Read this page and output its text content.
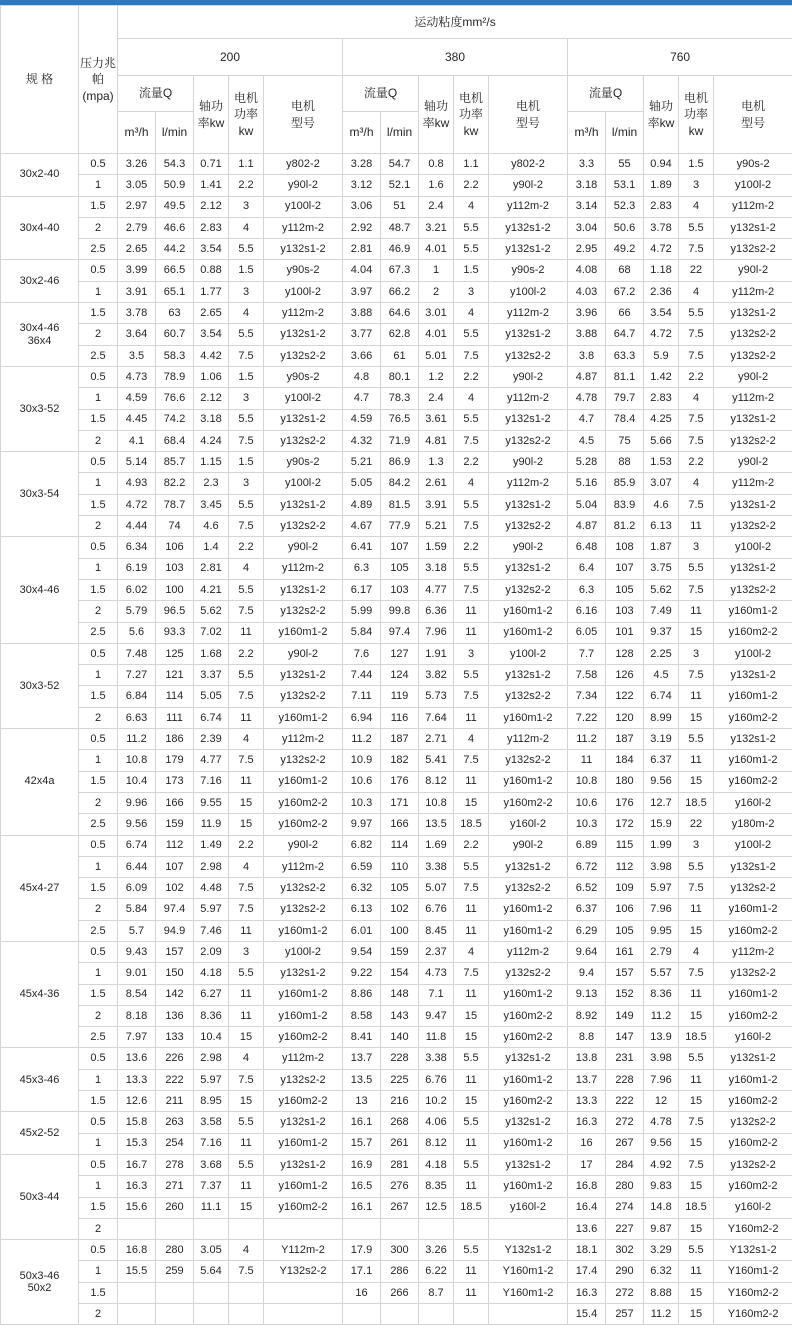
规 格	压力兆帕(mpa)	运动粘度mm²/s														
		200					380					760				
		流量Q		轴功率kw	电机功率kw	电机型号	流量Q		轴功率kw	电机功率kw	电机型号	流量Q		轴功率kw	电机功率kw	电机型号
		m³/h	l/min				m³/h	l/min				m³/h	l/min			
30x2-40	0.5	3.26	54.3	0.71	1.1	y802-2	3.28	54.7	0.8	1.1	y802-2	3.3	55	0.94	1.5	y90s-2
	1	3.05	50.9	1.41	2.2	y90l-2	3.12	52.1	1.6	2.2	y90l-2	3.18	53.1	1.89	3	y100l-2
30x4-40	1.5	2.97	49.5	2.12	3	y100l-2	3.06	51	2.4	4	y112m-2	3.14	52.3	2.83	4	y112m-2
	2	2.79	46.6	2.83	4	y112m-2	2.92	48.7	3.21	5.5	y132s1-2	3.04	50.6	3.78	5.5	y132s1-2
	2.5	2.65	44.2	3.54	5.5	y132s1-2	2.81	46.9	4.01	5.5	y132s1-2	2.95	49.2	4.72	7.5	y132s2-2
30x2-46	0.5	3.99	66.5	0.88	1.5	y90s-2	4.04	67.3	1	1.5	y90s-2	4.08	68	1.18	22	y90l-2
	1	3.91	65.1	1.77	3	y100l-2	3.97	66.2	2	3	y100l-2	4.03	67.2	2.36	4	y112m-2
30x4-46
36x4	1.5	3.78	63	2.65	4	y112m-2	3.88	64.6	3.01	4	y112m-2	3.96	66	3.54	5.5	y132s1-2
	2	3.64	60.7	3.54	5.5	y132s1-2	3.77	62.8	4.01	5.5	y132s1-2	3.88	64.7	4.72	7.5	y132s2-2
	2.5	3.5	58.3	4.42	7.5	y132s2-2	3.66	61	5.01	7.5	y132s2-2	3.8	63.3	5.9	7.5	y132s2-2
30x3-52	0.5	4.73	78.9	1.06	1.5	y90s-2	4.8	80.1	1.2	2.2	y90l-2	4.87	81.1	1.42	2.2	y90l-2
	1	4.59	76.6	2.12	3	y100l-2	4.7	78.3	2.4	4	y112m-2	4.78	79.7	2.83	4	y112m-2
	1.5	4.45	74.2	3.18	5.5	y132s1-2	4.59	76.5	3.61	5.5	y132s1-2	4.7	78.4	4.25	7.5	y132s1-2
	2	4.1	68.4	4.24	7.5	y132s2-2	4.32	71.9	4.81	7.5	y132s2-2	4.5	75	5.66	7.5	y132s2-2
30x3-54	0.5	5.14	85.7	1.15	1.5	y90s-2	5.21	86.9	1.3	2.2	y90l-2	5.28	88	1.53	2.2	y90l-2
	1	4.93	82.2	2.3	3	y100l-2	5.05	84.2	2.61	4	y112m-2	5.16	85.9	3.07	4	y112m-2
	1.5	4.72	78.7	3.45	5.5	y132s1-2	4.89	81.5	3.91	5.5	y132s1-2	5.04	83.9	4.6	7.5	y132s1-2
	2	4.44	74	4.6	7.5	y132s2-2	4.67	77.9	5.21	7.5	y132s2-2	4.87	81.2	6.13	11	y132s2-2
30x4-46	0.5	6.34	106	1.4	2.2	y90l-2	6.41	107	1.59	2.2	y90l-2	6.48	108	1.87	3	y100l-2
	1	6.19	103	2.81	4	y112m-2	6.3	105	3.18	5.5	y132s1-2	6.4	107	3.75	5.5	y132s1-2
	1.5	6.02	100	4.21	5.5	y132s1-2	6.17	103	4.77	7.5	y132s2-2	6.3	105	5.62	7.5	y132s2-2
	2	5.79	96.5	5.62	7.5	y132s2-2	5.99	99.8	6.36	11	y160m1-2	6.16	103	7.49	11	y160m1-2
	2.5	5.6	93.3	7.02	11	y160m1-2	5.84	97.4	7.96	11	y160m1-2	6.05	101	9.37	15	y160m2-2
30x3-52	0.5	7.48	125	1.68	2.2	y90l-2	7.6	127	1.91	3	y100l-2	7.7	128	2.25	3	y100l-2
	1	7.27	121	3.37	5.5	y132s1-2	7.44	124	3.82	5.5	y132s1-2	7.58	126	4.5	7.5	y132s1-2
	1.5	6.84	114	5.05	7.5	y132s2-2	7.11	119	5.73	7.5	y132s2-2	7.34	122	6.74	11	y160m1-2
	2	6.63	111	6.74	11	y160m1-2	6.94	116	7.64	11	y160m1-2	7.22	120	8.99	15	y160m2-2
42x4a	0.5	11.2	186	2.39	4	y112m-2	11.2	187	2.71	4	y112m-2	11.2	187	3.19	5.5	y132s1-2
	1	10.8	179	4.77	7.5	y132s2-2	10.9	182	5.41	7.5	y132s2-2	11	184	6.37	11	y160m1-2
	1.5	10.4	173	7.16	11	y160m1-2	10.6	176	8.12	11	y160m1-2	10.8	180	9.56	15	y160m2-2
	2	9.96	166	9.55	15	y160m2-2	10.3	171	10.8	15	y160m2-2	10.6	176	12.7	18.5	y160l-2
	2.5	9.56	159	11.9	15	y160m2-2	9.97	166	13.5	18.5	y160l-2	10.3	172	15.9	22	y180m-2
45x4-27	0.5	6.74	112	1.49	2.2	y90l-2	6.82	114	1.69	2.2	y90l-2	6.89	115	1.99	3	y100l-2
	1	6.44	107	2.98	4	y112m-2	6.59	110	3.38	5.5	y132s1-2	6.72	112	3.98	5.5	y132s1-2
	1.5	6.09	102	4.48	7.5	y132s2-2	6.32	105	5.07	7.5	y132s2-2	6.52	109	5.97	7.5	y132s2-2
	2	5.84	97.4	5.97	7.5	y132s2-2	6.13	102	6.76	11	y160m1-2	6.37	106	7.96	11	y160m1-2
	2.5	5.7	94.9	7.46	11	y160m1-2	6.01	100	8.45	11	y160m1-2	6.29	105	9.95	15	y160m2-2
45x4-36	0.5	9.43	157	2.09	3	y100l-2	9.54	159	2.37	4	y112m-2	9.64	161	2.79	4	y112m-2
	1	9.01	150	4.18	5.5	y132s1-2	9.22	154	4.73	7.5	y132s2-2	9.4	157	5.57	7.5	y132s2-2
	1.5	8.54	142	6.27	11	y160m1-2	8.86	148	7.1	11	y160m1-2	9.13	152	8.36	11	y160m1-2
	2	8.18	136	8.36	11	y160m1-2	8.58	143	9.47	15	y160m2-2	8.92	149	11.2	15	y160m2-2
	2.5	7.97	133	10.4	15	y160m2-2	8.41	140	11.8	15	y160m2-2	8.8	147	13.9	18.5	y160l-2
45x3-46	0.5	13.6	226	2.98	4	y112m-2	13.7	228	3.38	5.5	y132s1-2	13.8	231	3.98	5.5	y132s1-2
	1	13.3	222	5.97	7.5	y132s2-2	13.5	225	6.76	11	y160m1-2	13.7	228	7.96	11	y160m1-2
	1.5	12.6	211	8.95	15	y160m2-2	13	216	10.2	15	y160m2-2	13.3	222	12	15	y160m2-2
45x2-52	0.5	15.8	263	3.58	5.5	y132s1-2	16.1	268	4.06	5.5	y132s1-2	16.3	272	4.78	7.5	y132s2-2
	1	15.3	254	7.16	11	y160m1-2	15.7	261	8.12	11	y160m1-2	16	267	9.56	15	y160m2-2
50x3-44	0.5	16.7	278	3.68	5.5	y132s1-2	16.9	281	4.18	5.5	y132s1-2	17	284	4.92	7.5	y132s2-2
	1	16.3	271	7.37	11	y160m1-2	16.5	276	8.35	11	y160m1-2	16.8	280	9.83	15	y160m2-2
	1.5	15.6	260	11.1	15	y160m2-2	16.1	267	12.5	18.5	y160l-2	16.4	274	14.8	18.5	y160l-2
	2											13.6	227	9.87	15	Y160m2-2
50x3-46
50x2	0.5	16.8	280	3.05	4	Y112m-2	17.9	300	3.26	5.5	Y132s1-2	18.1	302	3.29	5.5	Y132s1-2
	1	15.5	259	5.64	7.5	Y132s2-2	17.1	286	6.22	11	Y160m1-2	17.4	290	6.32	11	Y160m1-2
	1.5						16	266	8.7	11	Y160m1-2	16.3	272	8.88	15	Y160m2-2
	2											15.4	257	11.2	15	Y160m2-2
